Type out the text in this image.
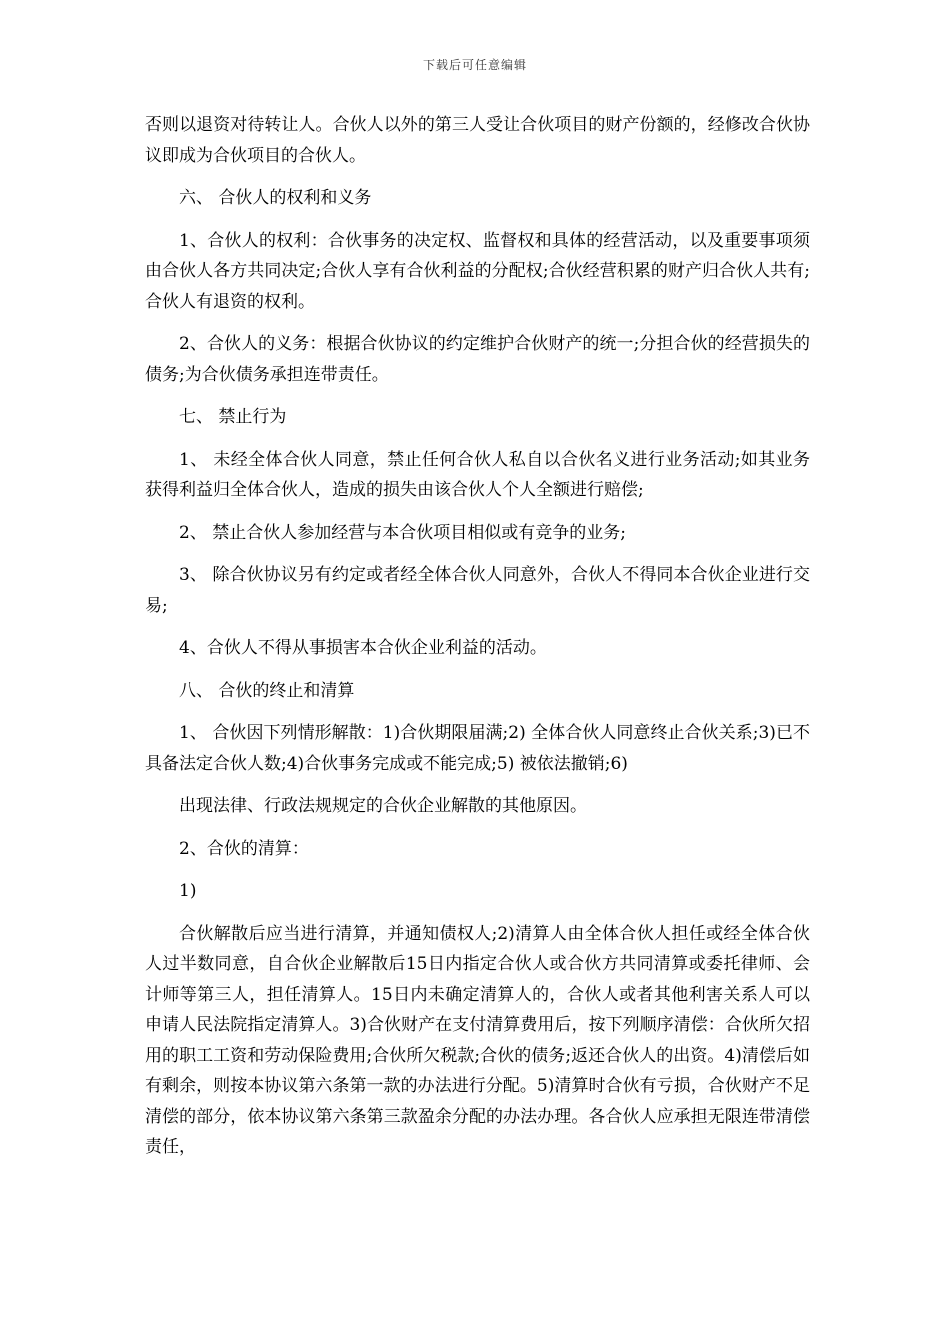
下载后可任意编辑

否则以退资对待转让人。合伙人以外的第三人受让合伙项目的财产份额的，经修改合伙协议即成为合伙项目的合伙人。

六、 合伙人的权利和义务

1、合伙人的权利：合伙事务的决定权、监督权和具体的经营活动，以及重要事项须由合伙人各方共同决定;合伙人享有合伙利益的分配权;合伙经营积累的财产归合伙人共有;合伙人有退资的权利。

2、合伙人的义务：根据合伙协议的约定维护合伙财产的统一;分担合伙的经营损失的债务;为合伙债务承担连带责任。

七、 禁止行为

1、 未经全体合伙人同意，禁止任何合伙人私自以合伙名义进行业务活动;如其业务获得利益归全体合伙人，造成的损失由该合伙人个人全额进行赔偿;

2、 禁止合伙人参加经营与本合伙项目相似或有竞争的业务;

3、 除合伙协议另有约定或者经全体合伙人同意外，合伙人不得同本合伙企业进行交易;

4、合伙人不得从事损害本合伙企业利益的活动。

八、 合伙的终止和清算

1、 合伙因下列情形解散：1)合伙期限届满;2) 全体合伙人同意终止合伙关系;3)已不具备法定合伙人数;4)合伙事务完成或不能完成;5) 被依法撤销;6)

出现法律、行政法规规定的合伙企业解散的其他原因。

2、合伙的清算：

1)

合伙解散后应当进行清算，并通知债权人;2)清算人由全体合伙人担任或经全体合伙人过半数同意，自合伙企业解散后15日内指定合伙人或合伙方共同清算或委托律师、会计师等第三人，担任清算人。15日内未确定清算人的，合伙人或者其他利害关系人可以申请人民法院指定清算人。3)合伙财产在支付清算费用后，按下列顺序清偿：合伙所欠招用的职工工资和劳动保险费用;合伙所欠税款;合伙的债务;返还合伙人的出资。4)清偿后如有剩余，则按本协议第六条第一款的办法进行分配。5)清算时合伙有亏损，合伙财产不足清偿的部分，依本协议第六条第三款盈余分配的办法办理。各合伙人应承担无限连带清偿责任，
